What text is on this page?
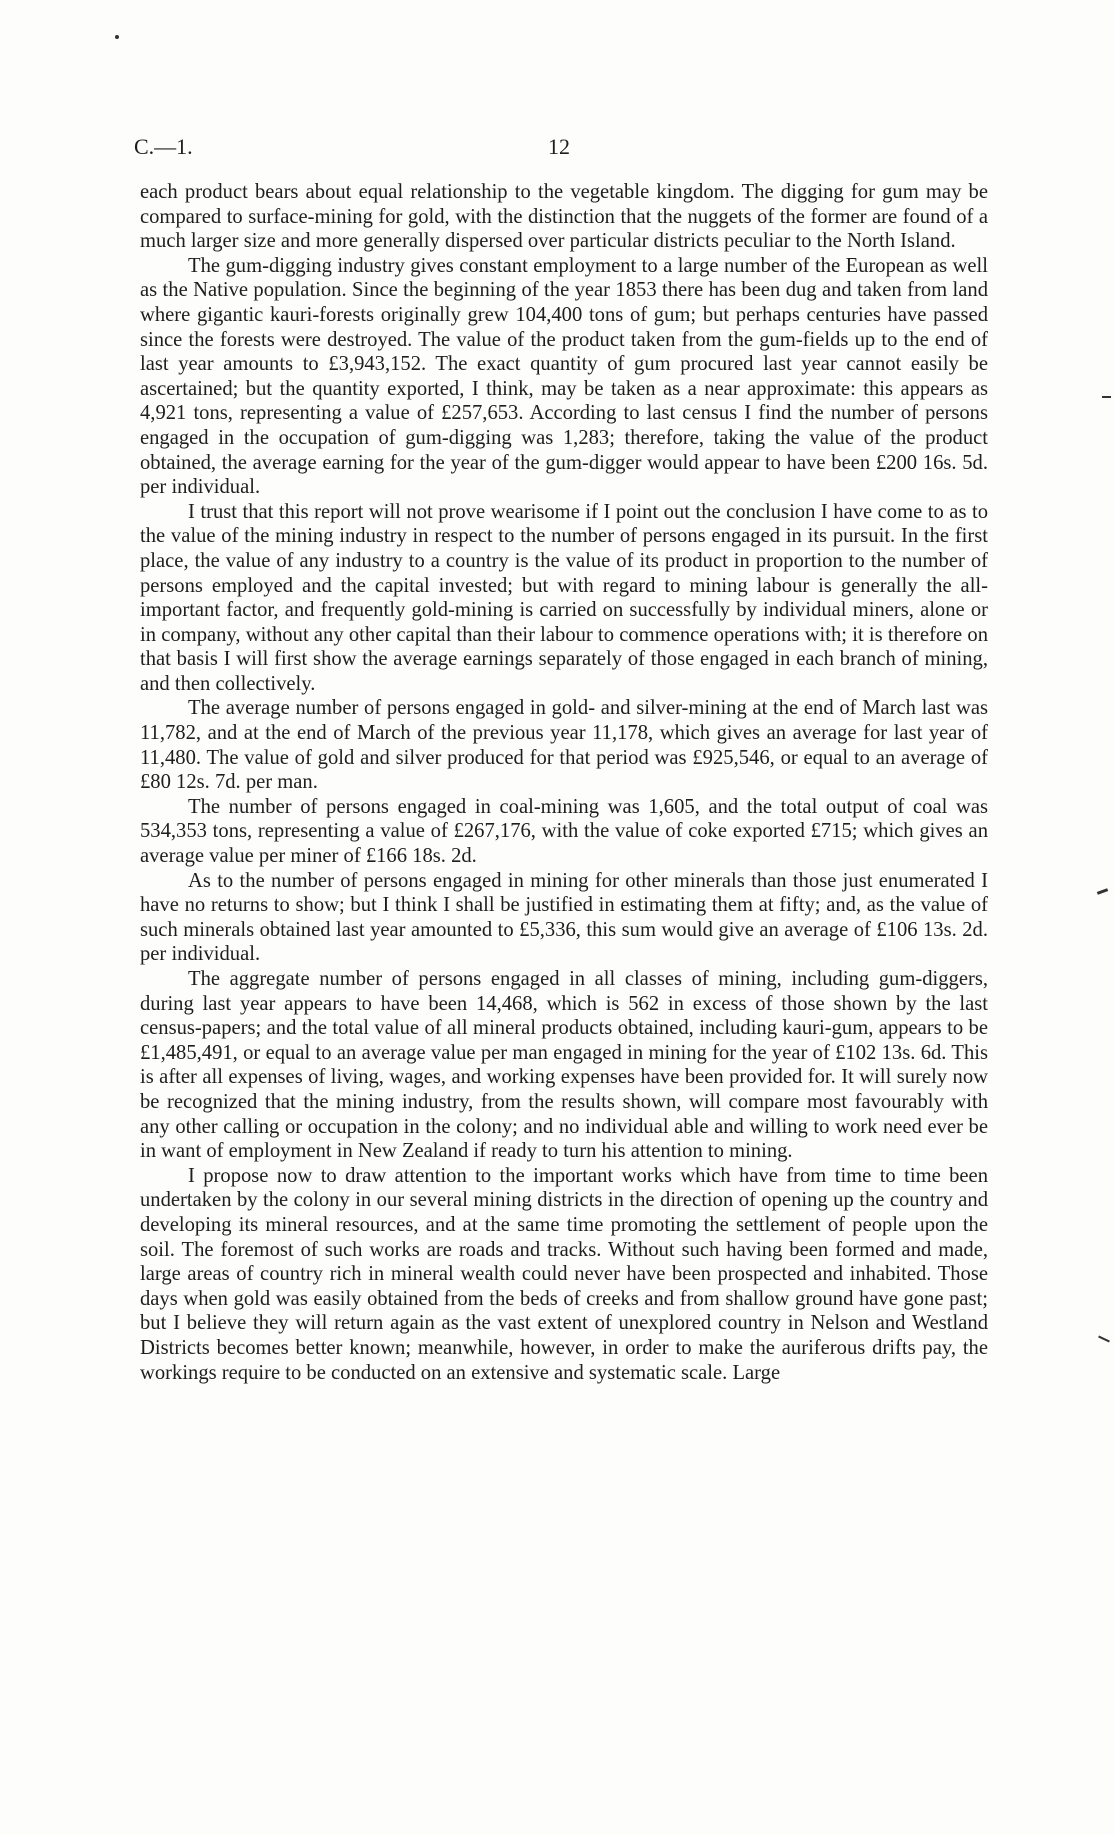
C.—1.	12

each product bears about equal relationship to the vegetable kingdom. The digging for gum may be compared to surface-mining for gold, with the distinction that the nuggets of the former are found of a much larger size and more generally dispersed over particular districts peculiar to the North Island.

The gum-digging industry gives constant employment to a large number of the European as well as the Native population. Since the beginning of the year 1853 there has been dug and taken from land where gigantic kauri-forests originally grew 104,400 tons of gum; but perhaps centuries have passed since the forests were destroyed. The value of the product taken from the gum-fields up to the end of last year amounts to £3,943,152. The exact quantity of gum procured last year cannot easily be ascertained; but the quantity exported, I think, may be taken as a near approximate: this appears as 4,921 tons, representing a value of £257,653. According to last census I find the number of persons engaged in the occupation of gum-digging was 1,283; therefore, taking the value of the product obtained, the average earning for the year of the gum-digger would appear to have been £200 16s. 5d. per individual.

I trust that this report will not prove wearisome if I point out the conclusion I have come to as to the value of the mining industry in respect to the number of persons engaged in its pursuit. In the first place, the value of any industry to a country is the value of its product in proportion to the number of persons employed and the capital invested; but with regard to mining labour is generally the all-important factor, and frequently gold-mining is carried on successfully by individual miners, alone or in company, without any other capital than their labour to commence operations with; it is therefore on that basis I will first show the average earnings separately of those engaged in each branch of mining, and then collectively.

The average number of persons engaged in gold- and silver-mining at the end of March last was 11,782, and at the end of March of the previous year 11,178, which gives an average for last year of 11,480. The value of gold and silver produced for that period was £925,546, or equal to an average of £80 12s. 7d. per man.

The number of persons engaged in coal-mining was 1,605, and the total output of coal was 534,353 tons, representing a value of £267,176, with the value of coke exported £715; which gives an average value per miner of £166 18s. 2d.

As to the number of persons engaged in mining for other minerals than those just enumerated I have no returns to show; but I think I shall be justified in estimating them at fifty; and, as the value of such minerals obtained last year amounted to £5,336, this sum would give an average of £106 13s. 2d. per individual.

The aggregate number of persons engaged in all classes of mining, including gum-diggers, during last year appears to have been 14,468, which is 562 in excess of those shown by the last census-papers; and the total value of all mineral products obtained, including kauri-gum, appears to be £1,485,491, or equal to an average value per man engaged in mining for the year of £102 13s. 6d. This is after all expenses of living, wages, and working expenses have been provided for. It will surely now be recognized that the mining industry, from the results shown, will compare most favourably with any other calling or occupation in the colony; and no individual able and willing to work need ever be in want of employment in New Zealand if ready to turn his attention to mining.

I propose now to draw attention to the important works which have from time to time been undertaken by the colony in our several mining districts in the direction of opening up the country and developing its mineral resources, and at the same time promoting the settlement of people upon the soil. The foremost of such works are roads and tracks. Without such having been formed and made, large areas of country rich in mineral wealth could never have been prospected and inhabited. Those days when gold was easily obtained from the beds of creeks and from shallow ground have gone past; but I believe they will return again as the vast extent of unexplored country in Nelson and Westland Districts becomes better known; meanwhile, however, in order to make the auriferous drifts pay, the workings require to be conducted on an extensive and systematic scale. Large
